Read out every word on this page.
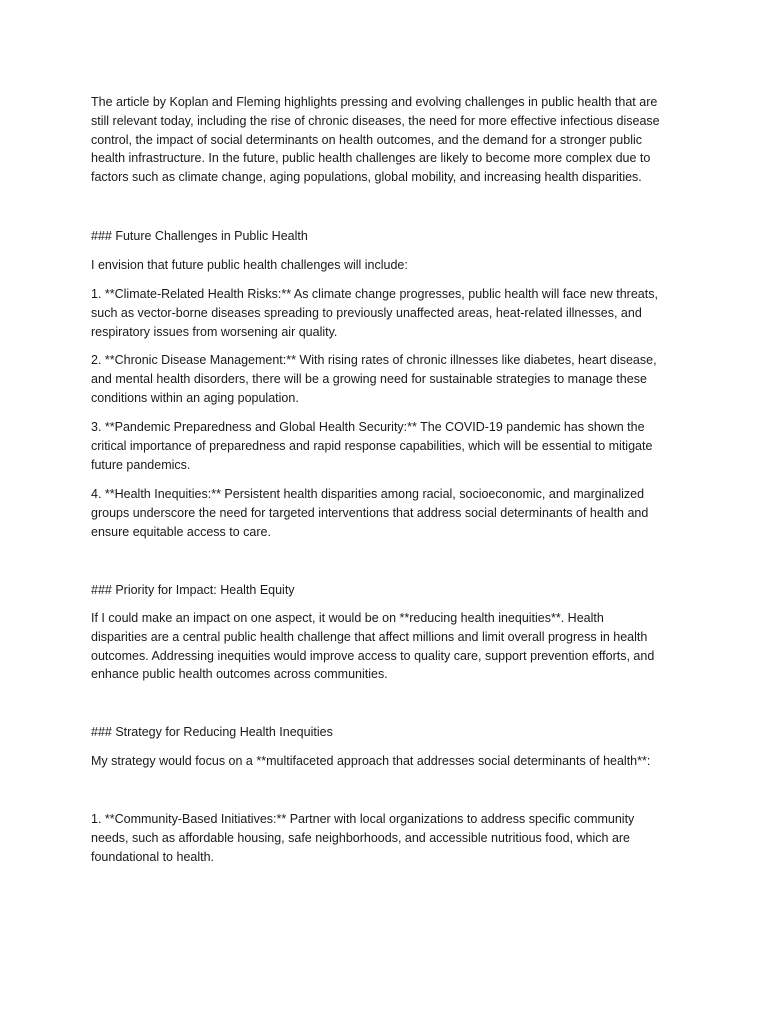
The article by Koplan and Fleming highlights pressing and evolving challenges in public health that are
still relevant today, including the rise of chronic diseases, the need for more effective infectious disease
control, the impact of social determinants on health outcomes, and the demand for a stronger public
health infrastructure. In the future, public health challenges are likely to become more complex due to
factors such as climate change, aging populations, global mobility, and increasing health disparities.

### Future Challenges in Public Health

I envision that future public health challenges will include:

1. **Climate-Related Health Risks:** As climate change progresses, public health will face new threats,
such as vector-borne diseases spreading to previously unaffected areas, heat-related illnesses, and
respiratory issues from worsening air quality.

2. **Chronic Disease Management:** With rising rates of chronic illnesses like diabetes, heart disease,
and mental health disorders, there will be a growing need for sustainable strategies to manage these
conditions within an aging population.

3. **Pandemic Preparedness and Global Health Security:** The COVID-19 pandemic has shown the
critical importance of preparedness and rapid response capabilities, which will be essential to mitigate
future pandemics.

4. **Health Inequities:** Persistent health disparities among racial, socioeconomic, and marginalized
groups underscore the need for targeted interventions that address social determinants of health and
ensure equitable access to care.

### Priority for Impact: Health Equity

If I could make an impact on one aspect, it would be on **reducing health inequities**. Health
disparities are a central public health challenge that affect millions and limit overall progress in health
outcomes. Addressing inequities would improve access to quality care, support prevention efforts, and
enhance public health outcomes across communities.

### Strategy for Reducing Health Inequities

My strategy would focus on a **multifaceted approach that addresses social determinants of health**:

1. **Community-Based Initiatives:** Partner with local organizations to address specific community
needs, such as affordable housing, safe neighborhoods, and accessible nutritious food, which are
foundational to health.
